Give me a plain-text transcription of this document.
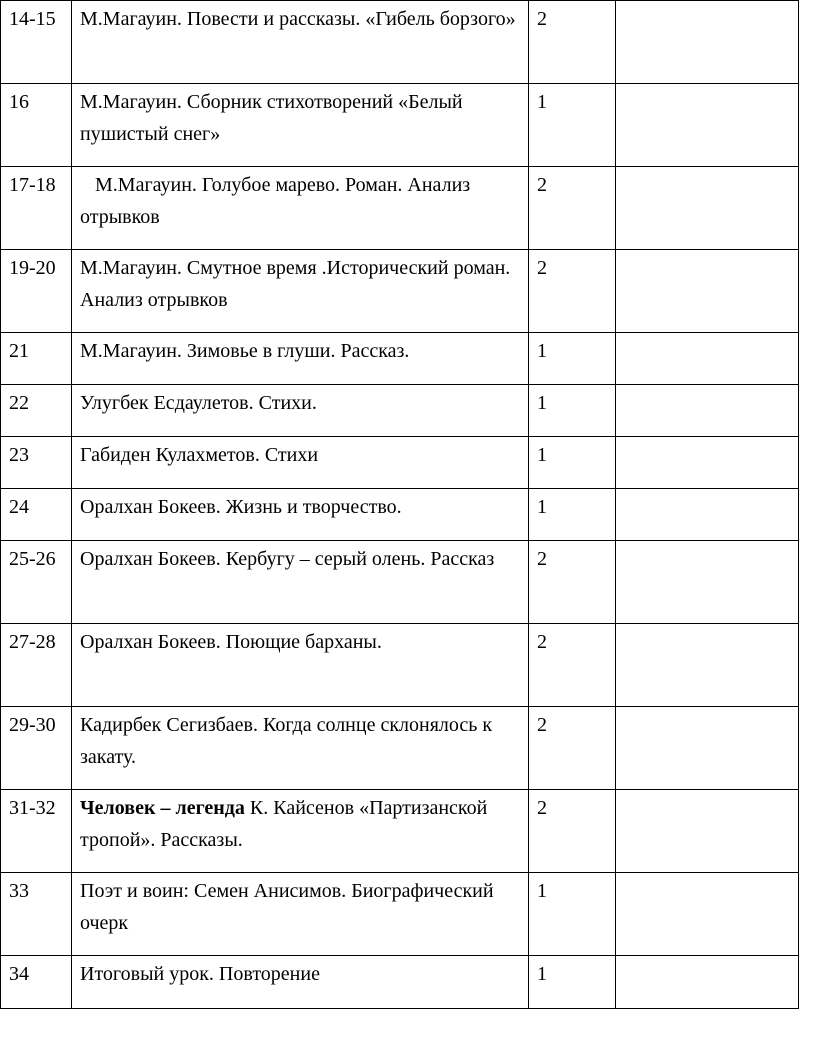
14-15	М.Магауин. Повести и рассказы. «Гибель борзого»	2	
16	М.Магауин. Сборник стихотворений «Белый пушистый снег»	1	
17-18	М.Магауин. Голубое марево. Роман. Анализ отрывков	2	
19-20	М.Магауин. Смутное время .Исторический роман. Анализ отрывков	2	
21	М.Магауин. Зимовье в глуши. Рассказ.	1	
22	Улугбек Есдаулетов. Стихи.	1	
23	Габиден Кулахметов. Стихи	1	
24	Оралхан Бокеев. Жизнь и творчество.	1	
25-26	Оралхан Бокеев. Кербугу – серый олень. Рассказ	2	
27-28	Оралхан Бокеев. Поющие барханы.	2	
29-30	Кадирбек Сегизбаев. Когда солнце склонялось к закату.	2	
31-32	Человек – легенда К. Кайсенов «Партизанской тропой». Рассказы.	2	
33	Поэт и воин: Семен Анисимов. Биографический очерк	1	
34	Итоговый урок. Повторение	1	
